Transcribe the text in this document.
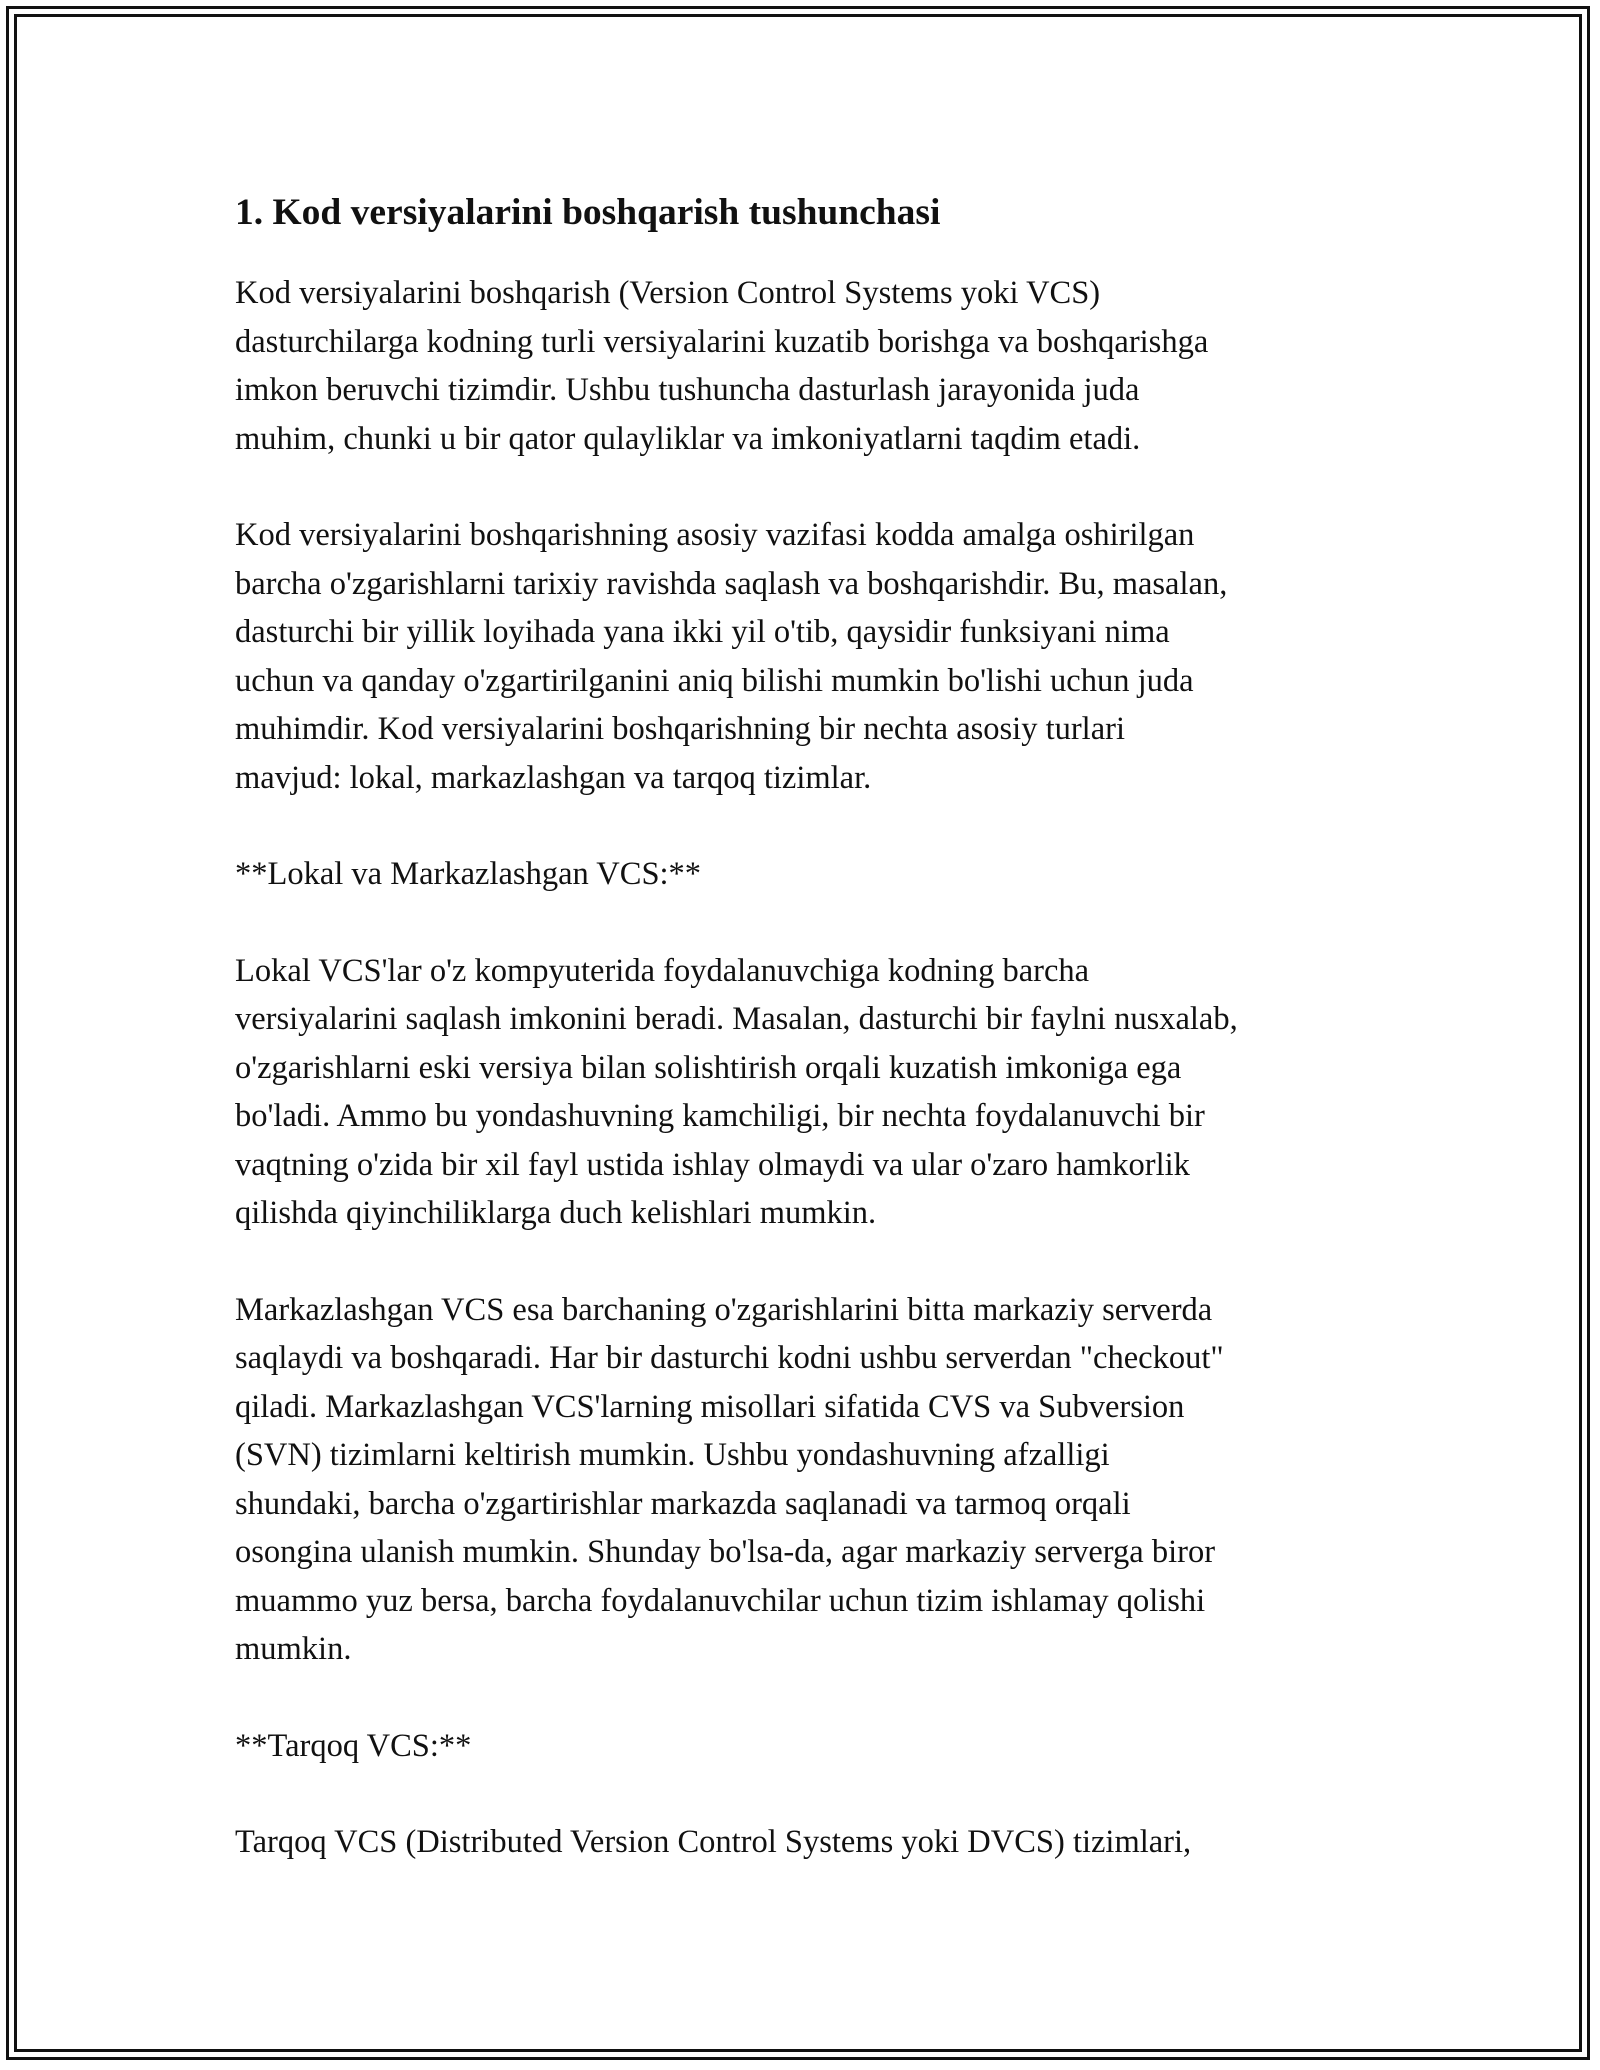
1. Kod versiyalarini boshqarish tushunchasi

Kod versiyalarini boshqarish (Version Control Systems yoki VCS)
dasturchilarga kodning turli versiyalarini kuzatib borishga va boshqarishga
imkon beruvchi tizimdir. Ushbu tushuncha dasturlash jarayonida juda
muhim, chunki u bir qator qulayliklar va imkoniyatlarni taqdim etadi.

Kod versiyalarini boshqarishning asosiy vazifasi kodda amalga oshirilgan
barcha o'zgarishlarni tarixiy ravishda saqlash va boshqarishdir. Bu, masalan,
dasturchi bir yillik loyihada yana ikki yil o'tib, qaysidir funksiyani nima
uchun va qanday o'zgartirilganini aniq bilishi mumkin bo'lishi uchun juda
muhimdir. Kod versiyalarini boshqarishning bir nechta asosiy turlari
mavjud: lokal, markazlashgan va tarqoq tizimlar.

**Lokal va Markazlashgan VCS:**

Lokal VCS'lar o'z kompyuterida foydalanuvchiga kodning barcha
versiyalarini saqlash imkonini beradi. Masalan, dasturchi bir faylni nusxalab,
o'zgarishlarni eski versiya bilan solishtirish orqali kuzatish imkoniga ega
bo'ladi. Ammo bu yondashuvning kamchiligi, bir nechta foydalanuvchi bir
vaqtning o'zida bir xil fayl ustida ishlay olmaydi va ular o'zaro hamkorlik
qilishda qiyinchiliklarga duch kelishlari mumkin.

Markazlashgan VCS esa barchaning o'zgarishlarini bitta markaziy serverda
saqlaydi va boshqaradi. Har bir dasturchi kodni ushbu serverdan "checkout"
qiladi. Markazlashgan VCS'larning misollari sifatida CVS va Subversion
(SVN) tizimlarni keltirish mumkin. Ushbu yondashuvning afzalligi
shundaki, barcha o'zgartirishlar markazda saqlanadi va tarmoq orqali
osongina ulanish mumkin. Shunday bo'lsa-da, agar markaziy serverga biror
muammo yuz bersa, barcha foydalanuvchilar uchun tizim ishlamay qolishi
mumkin.

**Tarqoq VCS:**

Tarqoq VCS (Distributed Version Control Systems yoki DVCS) tizimlari,
